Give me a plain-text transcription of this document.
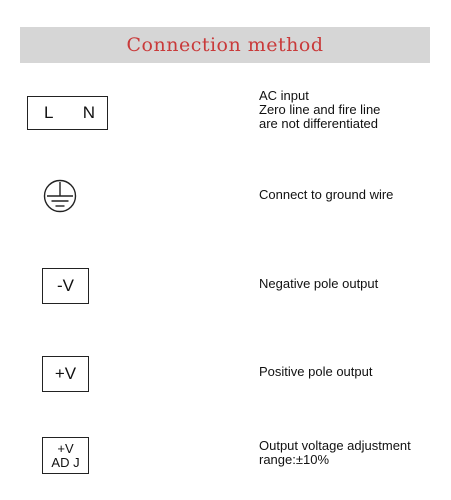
Connection method
L N
AC input
Zero line and fire line
are not differentiated
Connect to ground wire
-V	Negative pole output
+V	Positive pole output
+V
AD J
Output voltage adjustment
range:±10%
